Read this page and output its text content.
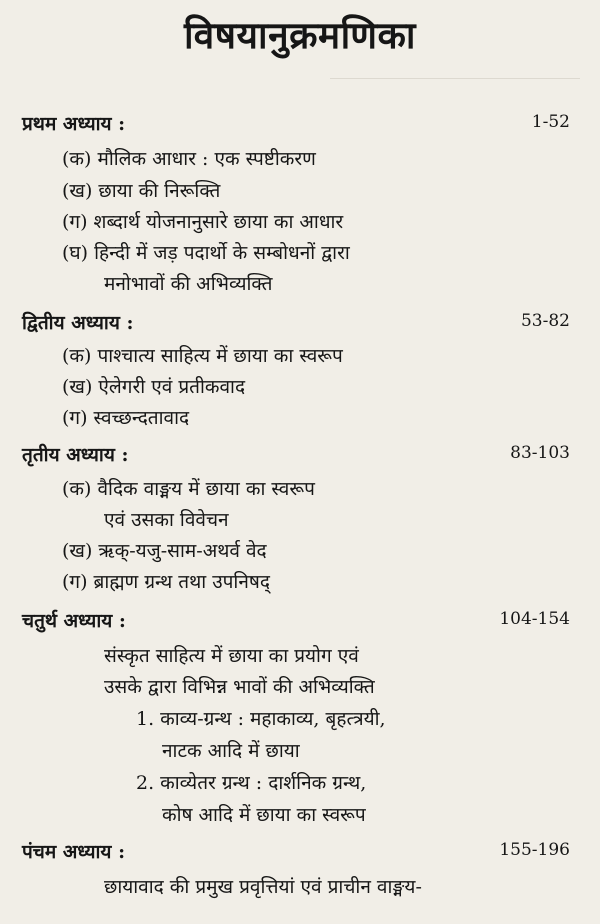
विषयानुक्रमणिका
प्रथम अध्याय :	1-52
(क) मौलिक आधार : एक स्पष्टीकरण
(ख) छाया की निरूक्ति
(ग) शब्दार्थ योजनानुसारे छाया का आधार
(घ) हिन्दी में जड़ पदार्थो के सम्बोधनों द्वारा
मनोभावों की अभिव्यक्ति
द्वितीय अध्याय :	53-82
(क) पाश्चात्य साहित्य में छाया का स्वरूप
(ख) ऐलेगरी एवं प्रतीकवाद
(ग) स्वच्छन्दतावाद
तृतीय अध्याय :	83-103
(क) वैदिक वाङ्मय में छाया का स्वरूप
एवं उसका विवेचन
(ख) ऋक्-यजु-साम-अथर्व वेद
(ग) ब्राह्मण ग्रन्थ तथा उपनिषद्
चतुर्थ अध्याय :	104-154
संस्कृत साहित्य में छाया का प्रयोग एवं
उसके द्वारा विभिन्न भावों की अभिव्यक्ति
1. काव्य-ग्रन्थ : महाकाव्य, बृहत्त्रयी,
नाटक आदि में छाया
2. काव्येतर ग्रन्थ : दार्शनिक ग्रन्थ,
कोष आदि में छाया का स्वरूप
पंचम अध्याय :	155-196
छायावाद की प्रमुख प्रवृत्तियां एवं प्राचीन वाङ्मय-
